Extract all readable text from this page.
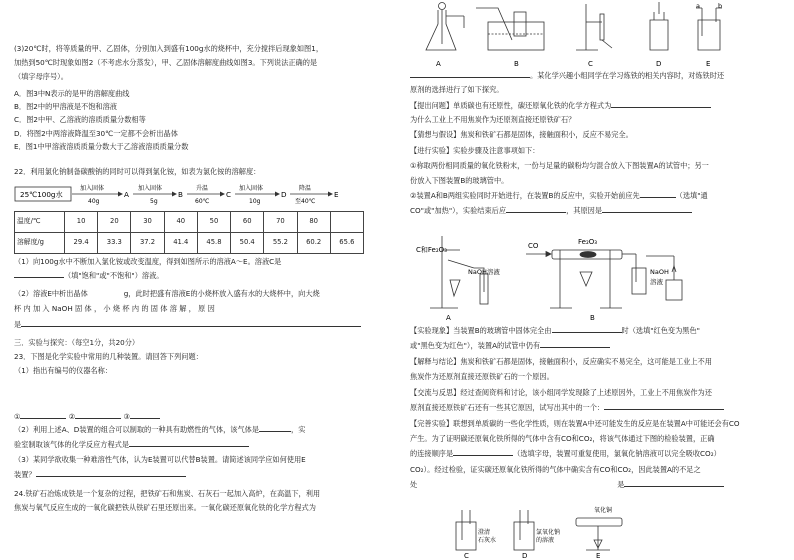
(3)20℃时，将等质量的甲、乙固体，分别加入到盛有100g水的烧杯中，充分搅拌后现象如图1，
加热到50℃时现象如图2（不考虑水分蒸发），甲、乙固体溶解度曲线如图3。下列说法正确的是
（填字母序号）。
A．图3中N表示的是甲的溶解度曲线
B．图2中的甲溶液是不饱和溶液
C．图2中甲、乙溶液的溶质质量分数相等
D．将图2中两溶液降温至30℃一定都不会析出晶体
E．图1中甲溶液溶质质量分数大于乙溶液溶质质量分数
22．利用氯化钠制备碳酸钠的同时可以得到氯化铵，如表为氯化铵的溶解度：
25℃100g水
加入固体
40g
A
加入固体
5g
B
升温
60℃
C
加入固体
10g
D
降温
至40℃
E
温度/℃	10	20	30	40	50	60	70	80	
溶解度/g	29.4	33.3	37.2	41.4	45.8	50.4	55.2	60.2	65.6
（1）向100g水中不断加入氯化铵或改变温度，得到如图所示的溶液A～E。溶液C是
（填"饱和"或"不饱和"）溶液。
（2）溶液E中析出晶体　　　　　g，此时把盛有溶液E的小烧杯放入盛有水的大烧杯中，向大烧
杯 内 加 入 NaOH 固 体 ， 小 烧 杯 内 的 固 体 溶 解 ， 原 因
是
三．实验与探究：（每空1分，共20分）
23．下图是化学实验中常用的几种装置。请回答下列问题：
（1）指出有编号的仪器名称：
①	②	③
（2）利用上述A、D装置的组合可以制取的一种具有助燃性的气体，该气体是	，实
验室制取该气体的化学反应方程式是
（3）某同学欲收集一种难溶性气体，认为E装置可以代替B装置。请简述该同学应如何使用E
装置？
24.铁矿石冶炼成铁是一个复杂的过程，把铁矿石和焦炭、石灰石一起加入高炉，在高温下，利用
焦炭与氧气反应生成的一氧化碳把铁从铁矿石里还原出来。一氧化碳还原氧化铁的化学方程式为
A	B	C	D	E
a	b
。某化学兴趣小组同学在学习炼铁的相关内容时，对炼铁时还
原剂的选择进行了如下探究。
【提出问题】单质碳也有还原性，碳还原氧化铁的化学方程式为
为什么工业上不用焦炭作为还原剂直接还原铁矿石？
【猜想与假设】焦炭和铁矿石都是固体，接触面积小，反应不易完全。
【进行实验】实验步骤及注意事项如下：
①称取两份相同质量的氧化铁粉末，一份与足量的碳粉均匀混合放入下图装置A的试管中；另一
份放入下图装置B的玻璃管中。
②装置A和B两组实验同时开始进行，在装置B的反应中，实验开始前应先	（选填"通
CO"或"加热"），实验结束后应	，其原因是
C和Fe₂O₃
NaOH溶液
A
CO	Fe₂O₃
NaOH
溶液
B
【实验现象】当装置B的玻璃管中固体完全由	时（选填"红色变为黑色"
或"黑色变为红色"），装置A的试管中仍有
【解释与结论】焦炭和铁矿石都是固体，接触面积小，反应确实不易完全，这可能是工业上不用
焦炭作为还原剂直接还原铁矿石的一个原因。
【交流与反思】经过查阅资料和讨论，该小组同学发现除了上述原因外，工业上不用焦炭作为还
原剂直接还原铁矿石还有一些其它原因，试写出其中的一个：
【完善实验】联想到单质碳的一些化学性质，则在装置A中还可能发生的反应是在装置A中可能还会有CO
产生。为了证明碳还原氧化铁所得的气体中含有CO和CO₂，将该气体通过下图的检验装置，正确
的连接顺序是	（选填字母，装置可重复使用，氯氧化钠溶液可以完全吸收CO₂）
CO₂）。经过检验，证实碳还原氧化铁所得的气体中确实含有CO和CO₂，因此装置A的不足之
处	是
澄清
石灰水
氯氧化钠
的溶液
氧化铜
C	D	E
